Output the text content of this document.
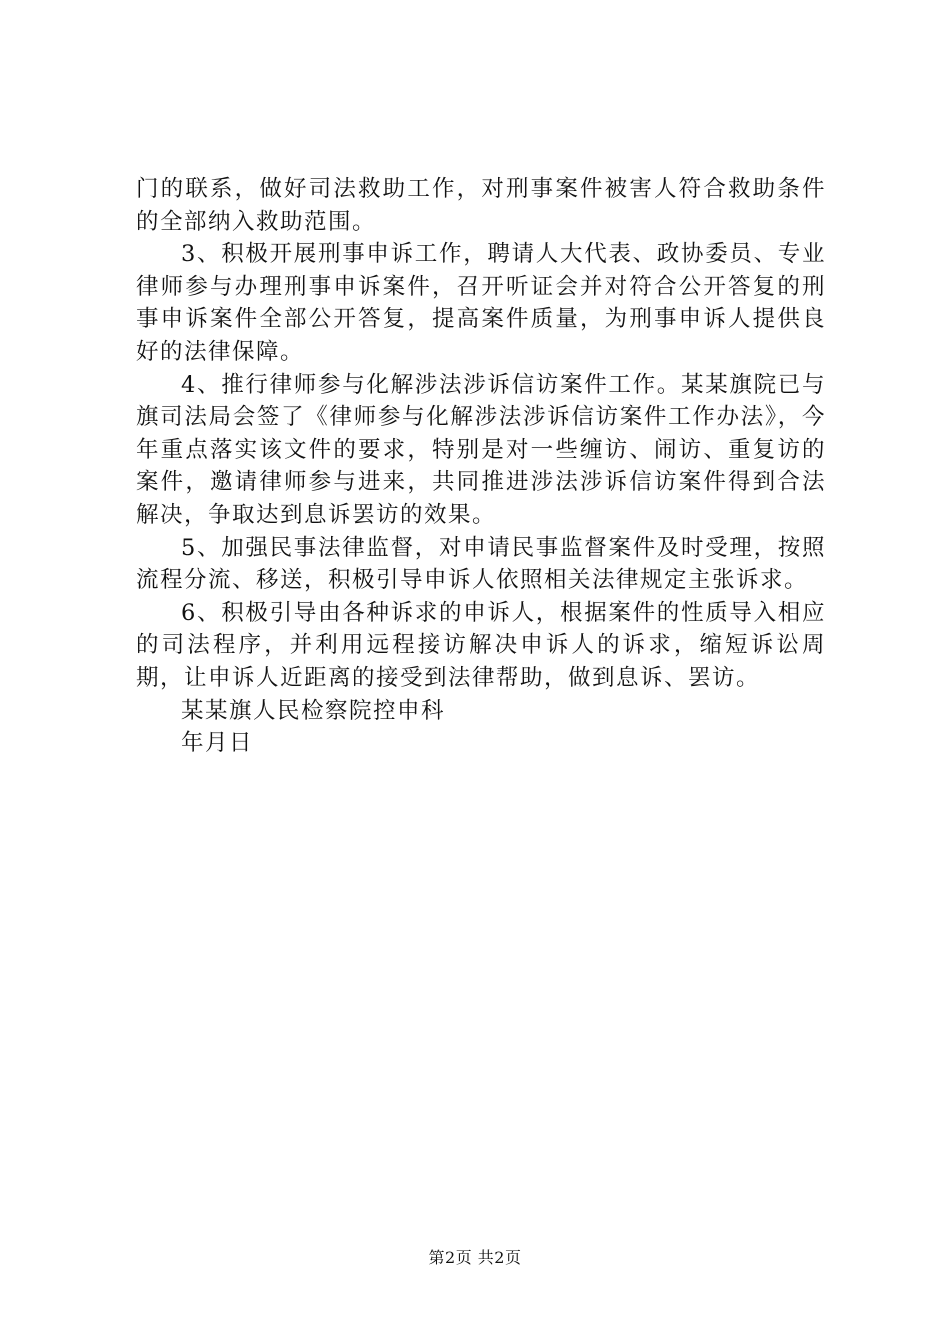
门的联系，做好司法救助工作，对刑事案件被害人符合救助条件的全部纳入救助范围。

3、积极开展刑事申诉工作，聘请人大代表、政协委员、专业律师参与办理刑事申诉案件，召开听证会并对符合公开答复的刑事申诉案件全部公开答复，提高案件质量，为刑事申诉人提供良好的法律保障。

4、推行律师参与化解涉法涉诉信访案件工作。某某旗院已与旗司法局会签了《律师参与化解涉法涉诉信访案件工作办法》，今年重点落实该文件的要求，特别是对一些缠访、闹访、重复访的案件，邀请律师参与进来，共同推进涉法涉诉信访案件得到合法解决，争取达到息诉罢访的效果。

5、加强民事法律监督，对申请民事监督案件及时受理，按照流程分流、移送，积极引导申诉人依照相关法律规定主张诉求。

6、积极引导由各种诉求的申诉人，根据案件的性质导入相应的司法程序，并利用远程接访解决申诉人的诉求，缩短诉讼周期，让申诉人近距离的接受到法律帮助，做到息诉、罢访。

某某旗人民检察院控申科

年月日

第2页 共2页
